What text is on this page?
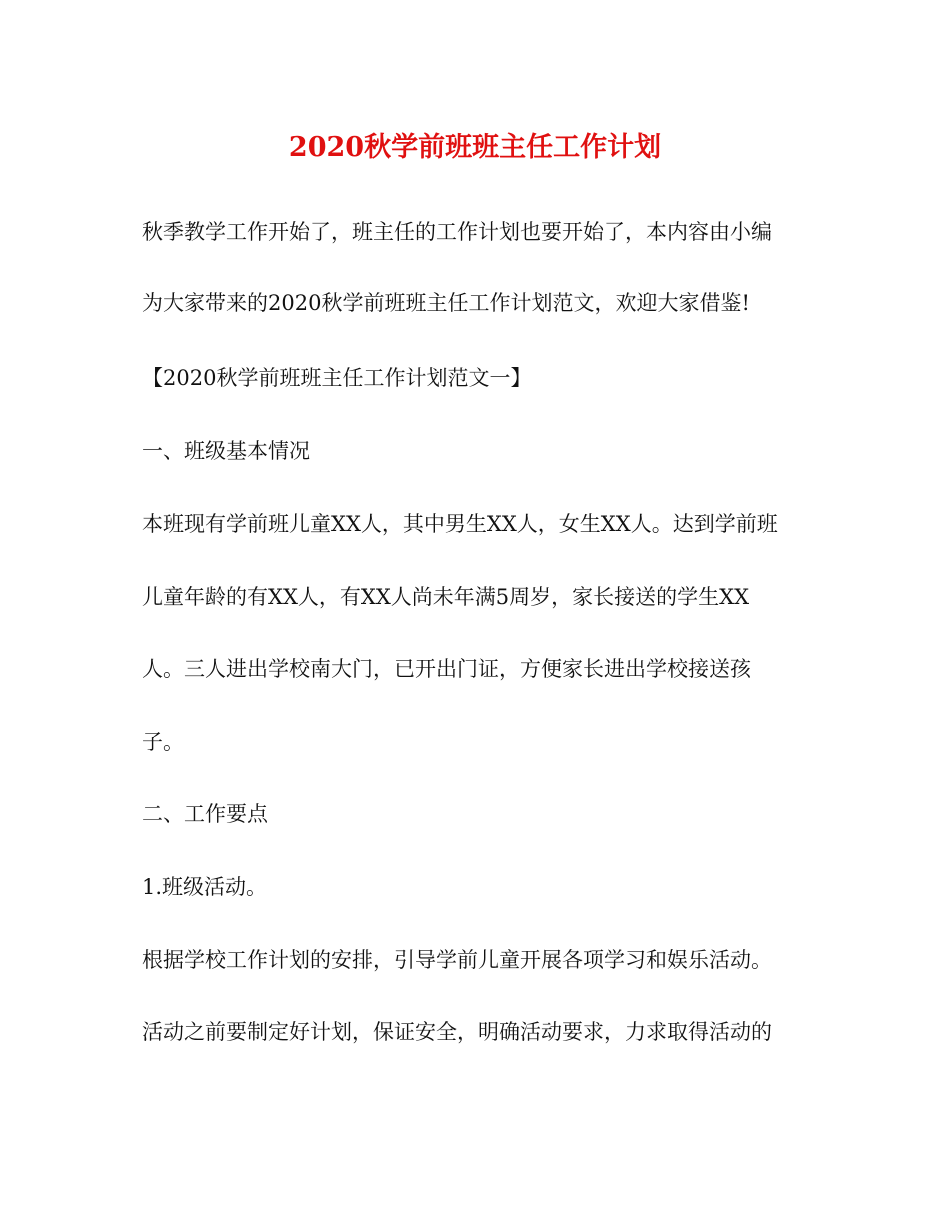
2020秋学前班班主任工作计划
秋季教学工作开始了，班主任的工作计划也要开始了，本内容由小编
为大家带来的2020秋学前班班主任工作计划范文，欢迎大家借鉴!
【2020秋学前班班主任工作计划范文一】
一、班级基本情况
本班现有学前班儿童XX人，其中男生XX人，女生XX人。达到学前班
儿童年龄的有XX人，有XX人尚未年满5周岁，家长接送的学生XX
人。三人进出学校南大门，已开出门证，方便家长进出学校接送孩
子。
二、工作要点
1.班级活动。
根据学校工作计划的安排，引导学前儿童开展各项学习和娱乐活动。
活动之前要制定好计划，保证安全，明确活动要求，力求取得活动的
